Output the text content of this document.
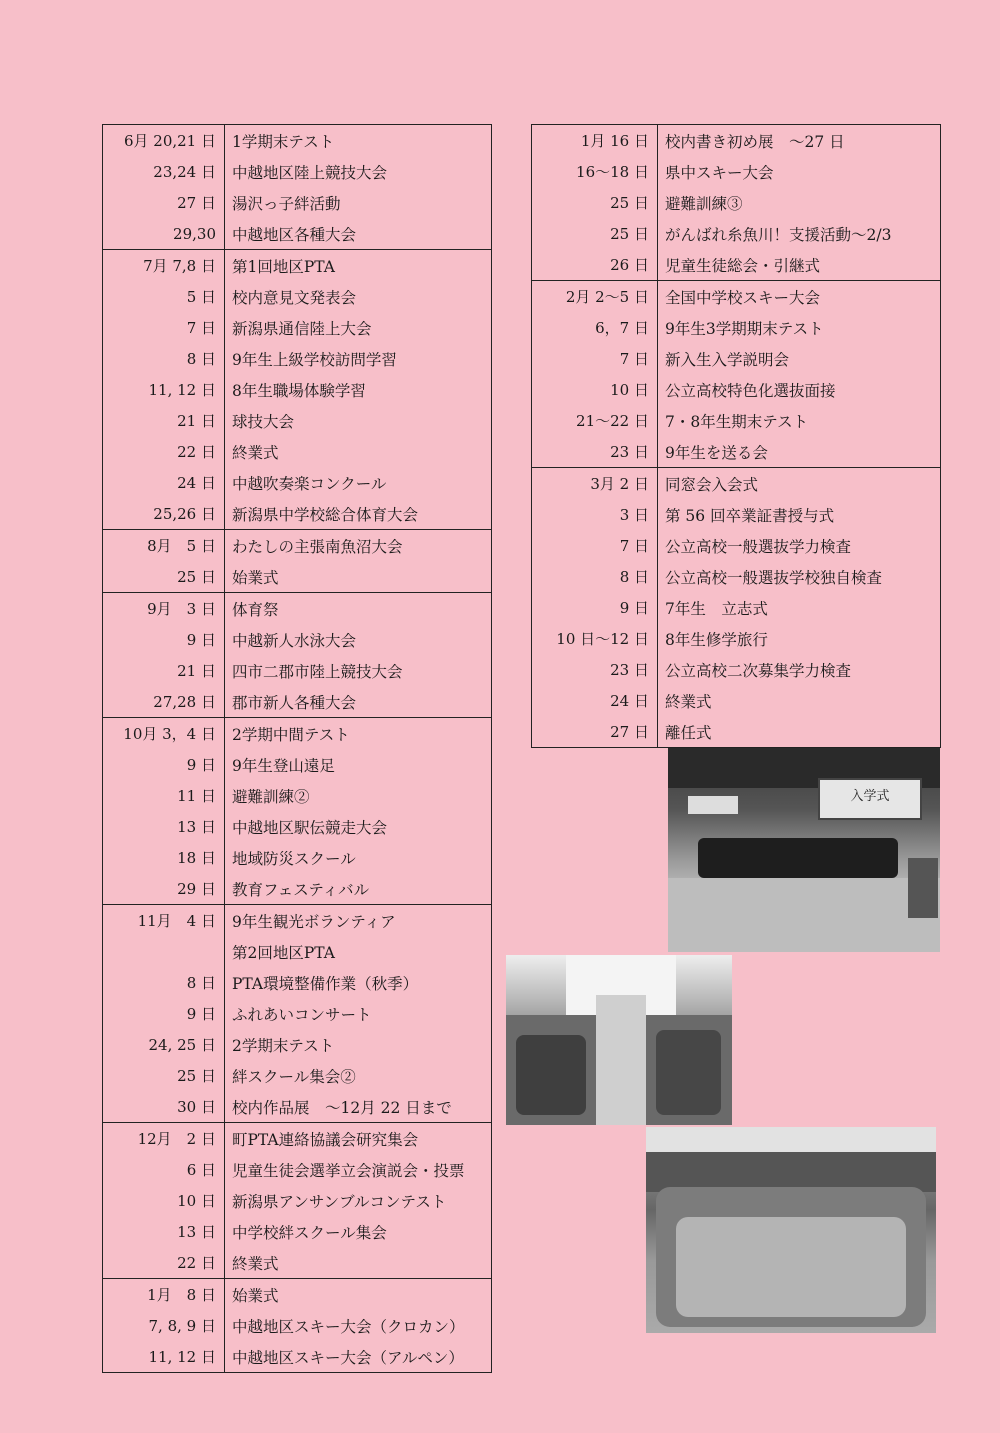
6月 20,21 日	1学期末テスト
23,24 日	中越地区陸上競技大会
27 日	湯沢っ子絆活動
29,30	中越地区各種大会
7月 7,8 日	第1回地区PTA
5 日	校内意見文発表会
7 日	新潟県通信陸上大会
8 日	9年生上級学校訪問学習
11, 12 日	8年生職場体験学習
21 日	球技大会
22 日	終業式
24 日	中越吹奏楽コンクール
25,26 日	新潟県中学校総合体育大会
8月　5 日	わたしの主張南魚沼大会
25 日	始業式
9月　3 日	体育祭
9 日	中越新人水泳大会
21 日	四市二郡市陸上競技大会
27,28 日	郡市新人各種大会
10月 3，4 日	2学期中間テスト
9 日	9年生登山遠足
11 日	避難訓練②
13 日	中越地区駅伝競走大会
18 日	地域防災スクール
29 日	教育フェスティバル
11月　4 日	9年生観光ボランティア
第2回地区PTA
8 日	PTA環境整備作業（秋季）
9 日	ふれあいコンサート
24, 25 日	2学期末テスト
25 日	絆スクール集会②
30 日	校内作品展　～12月 22 日まで
12月　2 日	町PTA連絡協議会研究集会
6 日	児童生徒会選挙立会演説会・投票
10 日	新潟県アンサンブルコンテスト
13 日	中学校絆スクール集会
22 日	終業式
1月　8 日	始業式
7, 8, 9 日	中越地区スキー大会（クロカン）
11, 12 日	中越地区スキー大会（アルペン）
1月 16 日	校内書き初め展　～27 日
16～18 日	県中スキー大会
25 日	避難訓練③
25 日	がんばれ糸魚川！支援活動～2/3
26 日	児童生徒総会・引継式
2月 2～5 日	全国中学校スキー大会
6，7 日	9年生3学期期末テスト
7 日	新入生入学説明会
10 日	公立高校特色化選抜面接
21～22 日	7・8年生期末テスト
23 日	9年生を送る会
3月 2 日	同窓会入会式
3 日	第 56 回卒業証書授与式
7 日	公立高校一般選抜学力検査
8 日	公立高校一般選抜学校独自検査
9 日	7年生　立志式
10 日～12 日	8年生修学旅行
23 日	公立高校二次募集学力検査
24 日	終業式
27 日	離任式
入学式
